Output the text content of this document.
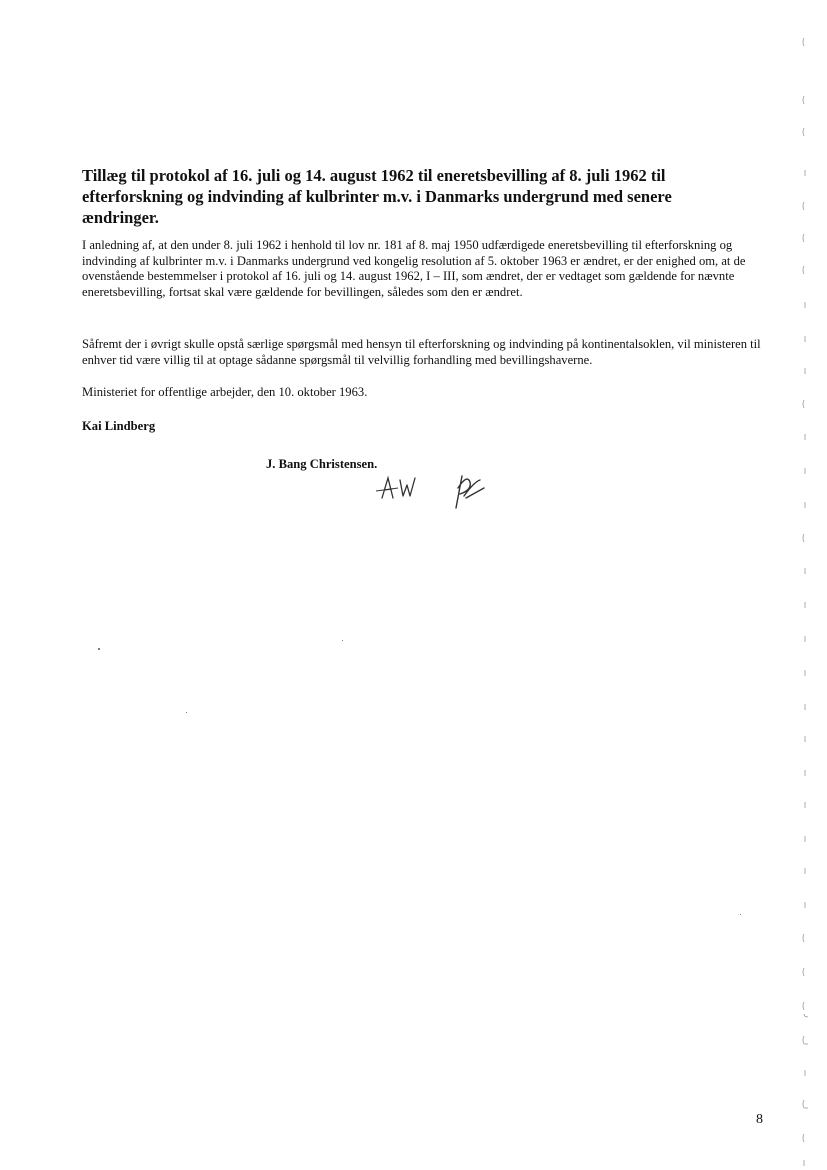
Tillæg til protokol af 16. juli og 14. august 1962 til eneretsbevilling af 8. juli 1962 til efterforskning og indvinding af kulbrinter m.v. i Danmarks undergrund med senere ændringer.

I anledning af, at den under 8. juli 1962 i henhold til lov nr. 181 af 8. maj 1950 udfærdigede eneretsbevilling til efterforskning og indvinding af kulbrinter m.v. i Danmarks undergrund ved kongelig resolution af 5. oktober 1963 er ændret, er der enighed om, at de ovenstående bestemmelser i protokol af 16. juli og 14. august 1962, I – III, som ændret, der er vedtaget som gældende for nævnte eneretsbevilling, fortsat skal være gældende for bevillingen, således som den er ændret.

Såfremt der i øvrigt skulle opstå særlige spørgsmål med hensyn til efterforskning og indvinding på kontinentalsoklen, vil ministeren til enhver tid være villig til at optage sådanne spørgsmål til velvillig forhandling med bevillingshaverne.

Ministeriet for offentlige arbejder, den 10. oktober 1963.

Kai Lindberg

J. Bang Christensen.

8
